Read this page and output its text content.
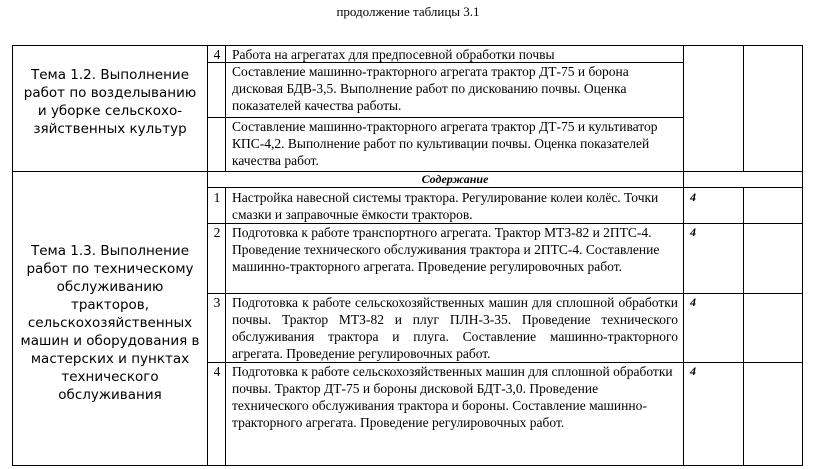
продолжение таблицы 3.1
Тема 1.2. Выполнение работ по возделыванию и уборке сельскохо-зяйственных культур
4 Работа на агрегатах для предпосевной обработки почвы
Составление машинно-тракторного агрегата трактор ДТ-75 и борона дисковая БДВ-3,5. Выполнение работ по дискованию почвы. Оценка показателей качества работы.
Составление машинно-тракторного агрегата трактор ДТ-75 и культиватор КПС-4,2. Выполнение работ по культивации почвы. Оценка показателей качества работ.
Тема 1.3. Выполнение работ по техническому обслуживанию тракторов, сельскохозяйственных машин и оборудования в мастерских и пунктах технического обслуживания
Содержание
1 Настройка навесной системы трактора. Регулирование колеи колёс. Точки смазки и заправочные ёмкости тракторов.
4
2 Подготовка к работе транспортного агрегата. Трактор МТЗ-82 и 2ПТС-4. Проведение технического обслуживания трактора и 2ПТС-4. Составление машинно-тракторного агрегата. Проведение регулировочных работ.
4
3 Подготовка к работе сельскохозяйственных машин для сплошной обработки почвы. Трактор МТЗ-82 и плуг ПЛН-3-35. Проведение технического обслуживания трактора и плуга. Составление машинно-тракторного агрегата. Проведение регулировочных работ.
4
4 Подготовка к работе сельскохозяйственных машин для сплошной обработки почвы. Трактор ДТ-75 и бороны дисковой БДТ-3,0. Проведение технического обслуживания трактора и бороны. Составление машинно-тракторного агрегата. Проведение регулировочных работ.
4
